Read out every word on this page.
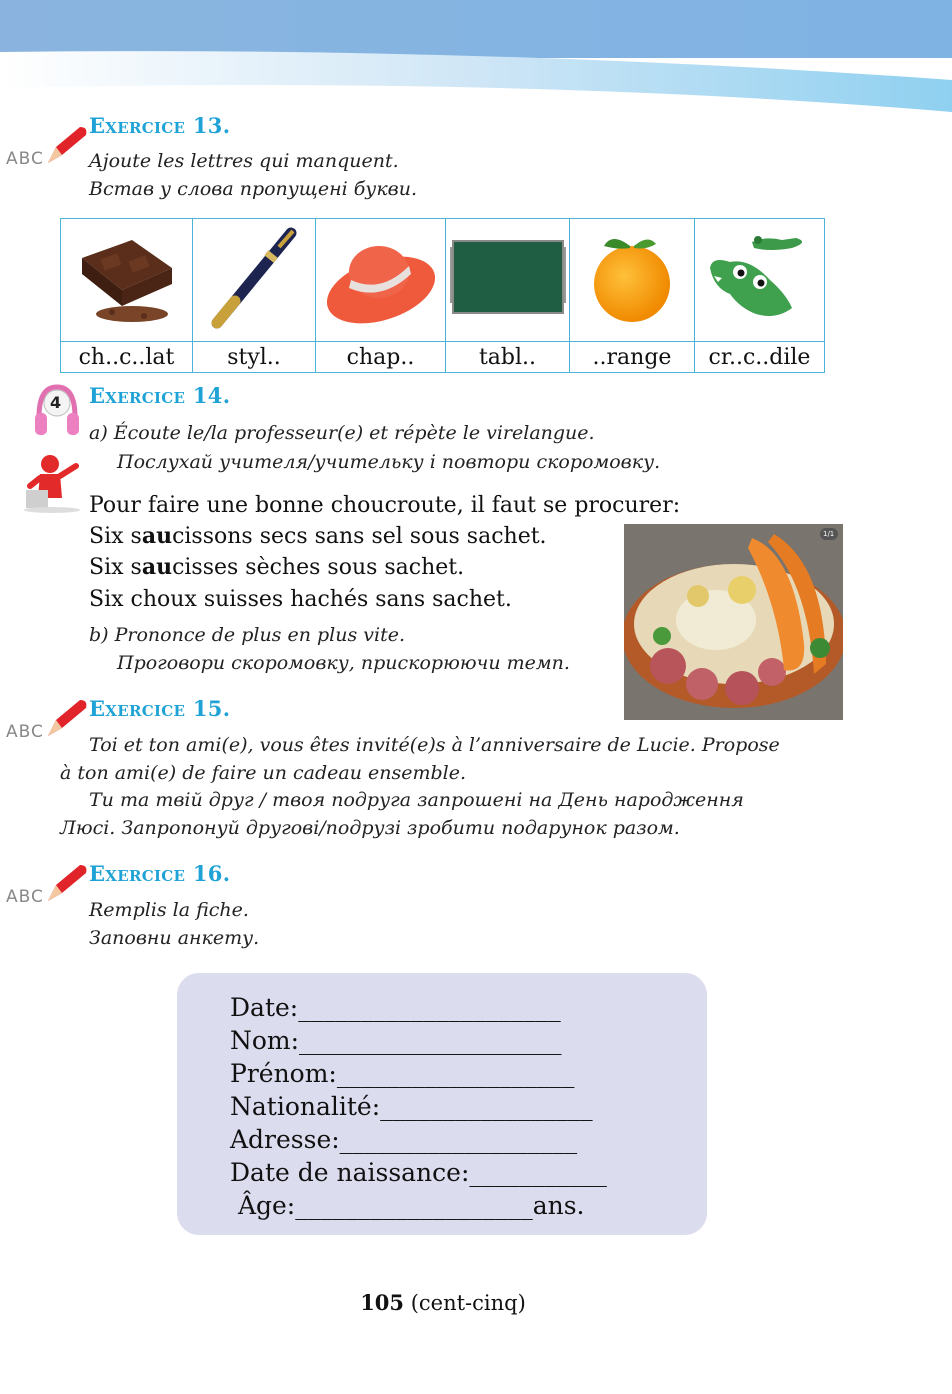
ABC
Exercice 13.
Ajoute les lettres qui manquent.
Встав у слова пропущені букви.

ch..c..lat	styl..	chap..	tabl..	..range	cr..c..dile
4 Exercice 14.
a) Écoute le/la professeur(e) et répète le virelangue.
Послухай учителя/учительку і повтори скоромовку.
Pour faire une bonne choucroute, il faut se procurer:
Six saucissons secs sans sel sous sachet.
Six saucisses sèches sous sachet.
Six choux suisses hachés sans sachet.
b) Prononce de plus en plus vite.
Проговори скоромовку, прискорюючи темп.
1/1
ABC
Exercice 15.
Toi et ton ami(e), vous êtes invité(e)s à l’anniversaire de Lucie. Propose
à ton ami(e) de faire un cadeau ensemble.
Ти та твій друг / твоя подруга запрошені на День народження
Люсі. Запропонуй другові/подрузі зробити подарунок разом.
ABC
Exercice 16.
Remplis la fiche.
Заповни анкету.
Date:_____________________
Nom:_____________________
Prénom:___________________
Nationalité:_________________
Adresse:___________________
Date de naissance:___________
Âge:___________________ans.
105 (cent-cinq)
